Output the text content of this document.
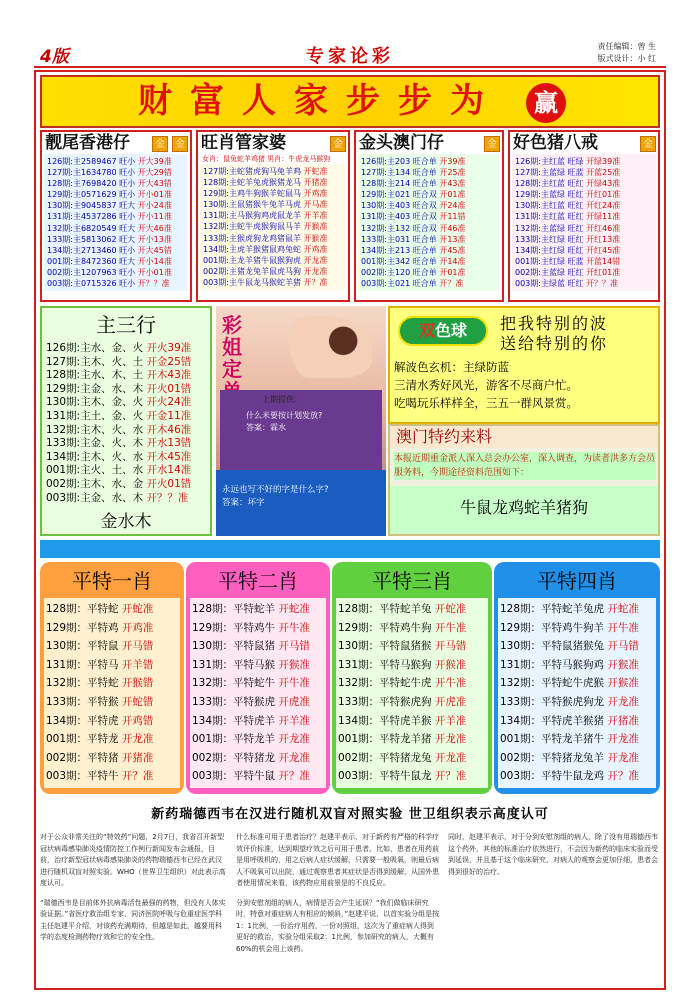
4版	专家论彩	责任编辑：曾 生
版式设计：小 红
财富人家步步为	赢
靓尾香港仔	金	金
126期:主2589467 旺小 开大39准
127期:主1634780 旺小 开大29错
128期:主7698420 旺小 开大43错
129期:主0571629 旺小 开小01准
130期:主9045837 旺大 开小24准
131期:主4537286 旺小 开小11准
132期:主6820549 旺大 开大46准
133期:主5813062 旺大 开小13准
134期:主2713460 旺小 开大45错
001期:主8472360 旺大 开小14准
002期:主1207963 旺小 开小01准
003期:主0715326 旺小 开？？准
旺肖管家婆	金
女肖：鼠兔蛇羊鸡猪 男肖：牛虎龙马猴狗
127期:主蛇猪虎狗马兔羊鸡 开蛇准
128期:主蛇羊兔虎猴猪龙马 开猪准
129期:主鸡牛狗猴羊蛇鼠马 开鸡准
130期:主鼠猪猴牛兔羊马虎 开马准
131期:主马猴狗鸡虎鼠龙羊 开羊准
132期:主蛇牛虎猴狗鼠马羊 开猴准
133期:主猴虎狗龙鸡猪鼠羊 开猴准
134期:主虎羊猴猪鼠鸡兔蛇 开鸡准
001期:主龙羊猪牛鼠猴狗虎 开龙准
002期:主猪龙兔羊鼠虎马狗 开龙准
003期:主牛鼠龙马猴蛇羊猪 开？准
金头澳门仔	金
126期:主203 旺合单 开39准
127期:主134 旺合单 开25准
128期:主214 旺合单 开43准
129期:主021 旺合双 开01准
130期:主403 旺合双 开24准
131期:主403 旺合双 开11错
132期:主132 旺合双 开46准
133期:主031 旺合单 开13准
134期:主213 旺合单 开45准
001期:主342 旺合单 开14准
002期:主120 旺合单 开01准
003期:主021 旺合单 开？准
好色猪八戒	金
126期:主红蓝 旺绿 开绿39准
127期:主蓝绿 旺蓝 开蓝25准
128期:主红蓝 旺红 开绿43准
129期:主蓝绿 旺红 开红01准
130期:主红蓝 旺红 开红24准
131期:主红蓝 旺红 开绿11准
132期:主蓝绿 旺红 开红46准
133期:主红绿 旺红 开红13准
134期:主红绿 旺红 开红45准
001期:主红绿 旺蓝 开蓝14错
002期:主蓝绿 旺红 开红01准
003期:主绿蓝 旺红 开？？准
主三行
126期:主水、金、火 开火39准
127期:主木、火、土 开金25错
128期:主水、木、土 开木43准
129期:主金、水、木 开火01错
130期:主木、金、火 开火24准
131期:主土、金、火 开金11准
132期:主木、火、水 开木46准
133期:主金、火、木 开水13错
134期:主木、火、水 开木45准
001期:主火、土、水 开水14准
002期:主木、水、金 开火01错
003期:主金、水、木 开？？准
金水木
彩姐定
上期提供：
什么米要按计划发放?
答案：霖水
永远也写不好的字是什么字?
答案：坏字
双色球	把我特别的波
送给特别的你
解波色玄机：主绿防蓝
三清水秀好风光，游客不尽商户忙。
吃喝玩乐样样全，三五一群风景赏。
澳门特约来料
本报近期重金派人深入总会办公室，深入调查，为读者洪多方会员服务料，今期途径资料范围如下：
牛鼠龙鸡蛇羊猪狗
平特一肖
128期：平特蛇 开蛇准
129期：平特鸡 开鸡准
130期：平特鼠 开马错
131期：平特马 开羊错
132期：平特蛇 开猴错
133期：平特猴 开蛇错
134期：平特虎 开鸡错
001期：平特龙 开龙准
002期：平特猪 开猪准
003期：平特牛 开？准
平特二肖
128期：平特蛇羊 开蛇准
129期：平特鸡牛 开牛准
130期：平特鼠猪 开马错
131期：平特马猴 开猴准
132期：平特蛇牛 开牛准
133期：平特猴虎 开虎准
134期：平特虎羊 开羊准
001期：平特龙羊 开龙准
002期：平特猪龙 开龙准
003期：平特牛鼠 开？准
平特三肖
128期：平特蛇羊兔 开蛇准
129期：平特鸡牛狗 开牛准
130期：平特鼠猪猴 开马错
131期：平特马猴狗 开猴准
132期：平特蛇牛虎 开牛准
133期：平特猴虎狗 开虎准
134期：平特虎羊猴 开羊准
001期：平特龙羊猪 开龙准
002期：平特猪龙兔 开龙准
003期：平特牛鼠龙 开？准
平特四肖
128期：平特蛇羊兔虎 开蛇准
129期：平特鸡牛狗羊 开牛准
130期：平特鼠猪猴兔 开马错
131期：平特马猴狗鸡 开猴准
132期：平特蛇牛虎猴 开猴准
133期：平特猴虎狗龙 开龙准
134期：平特虎羊猴猪 开猪准
001期：平特龙羊猪牛 开龙准
002期：平特猪龙兔羊 开龙准
003期：平特牛鼠龙鸡 开？准
新药瑞德西韦在汉进行随机双盲对照实验 世卫组织表示高度认可

对于公众非常关注的“特效药”问题，2月7日，我省召开新型冠状病毒感染肺炎疫情防控工作例行新闻发布会通报，目前，治疗新型冠状病毒感染肺炎的药物瑞德西韦已经在武汉进行随机双盲对照实验。WHO（世界卫生组织）对此表示高度认可。

“瑞德西韦是目前体外抗病毒活性最强的药物，但没有人体实验证据。”省医疗救治组专家、同济医院呼吸与危重症医学科主任赵建平介绍，对该药充满期待，但越是如此，越要用科学的态度检测药物疗效和它的安全性。

什么标准可用于患者治疗？赵建平表示，对于新药有严格的科学疗效评价标准，达到期望疗效之后可用于患者。比如，患者在用药前是用呼吸机的，用之后病人症状缓解，只需要一般吸氧，则最后病人不吸氧可以出院，通过观察患者其症状是否得到缓解，从国外患者使用情况来看，该药物应用前景是的不良反应。

分到安慰剂组的病人，病情是否会产生延误？“我们做临床研究时，特意对重症病人有相应的倾斜，”赵建平说，以首实验分组是按1：1比例，一份治疗用药，一份对照组，这次为了重症病人得到更好的救治，实验分组采取2：1比例，参加研究的病人，大概有60%的机会用上该药。

同时，赵建平表示，对于分到安慰剂组的病人，除了没有用瑞德西韦这个药外，其他的标准治疗依然进行，不会因为新药的临床实验而受到延误，并且基于这个临床研究，对病人的观察会更加仔细，患者会得到很好的治疗。
